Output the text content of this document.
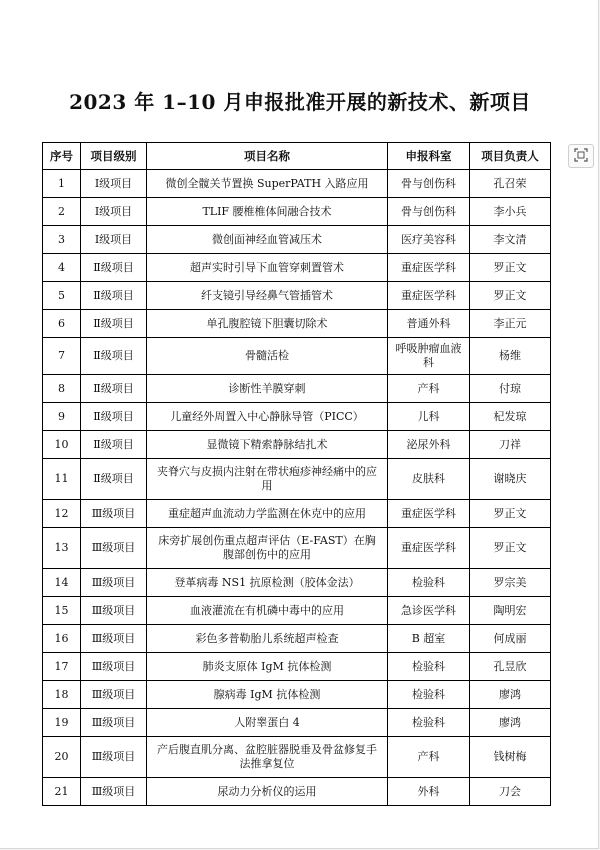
2023 年 1–10 月申报批准开展的新技术、新项目
序号	项目级别	项目名称	申报科室	项目负责人
1	Ⅰ级项目	微创全髋关节置换 SuperPATH 入路应用	骨与创伤科	孔召荣
2	Ⅰ级项目	TLIF 腰椎椎体间融合技术	骨与创伤科	李小兵
3	Ⅰ级项目	微创面神经血管减压术	医疗美容科	李文清
4	Ⅱ级项目	超声实时引导下血管穿刺置管术	重症医学科	罗正文
5	Ⅱ级项目	纤支镜引导经鼻气管插管术	重症医学科	罗正文
6	Ⅱ级项目	单孔腹腔镜下胆囊切除术	普通外科	李正元
7	Ⅱ级项目	骨髓活检	呼吸肿瘤血液科	杨维
8	Ⅱ级项目	诊断性羊膜穿刺	产科	付琼
9	Ⅱ级项目	儿童经外周置入中心静脉导管（PICC）	儿科	杞发琼
10	Ⅱ级项目	显微镜下精索静脉结扎术	泌尿外科	刀祥
11	Ⅱ级项目	夹脊穴与皮损内注射在带状疱疹神经痛中的应用	皮肤科	谢晓庆
12	Ⅲ级项目	重症超声血流动力学监测在休克中的应用	重症医学科	罗正文
13	Ⅲ级项目	床旁扩展创伤重点超声评估（E-FAST）在胸腹部创伤中的应用	重症医学科	罗正文
14	Ⅲ级项目	登革病毒 NS1 抗原检测（胶体金法）	检验科	罗宗美
15	Ⅲ级项目	血液灌流在有机磷中毒中的应用	急诊医学科	陶明宏
16	Ⅲ级项目	彩色多普勒胎儿系统超声检查	B 超室	何成丽
17	Ⅲ级项目	肺炎支原体 IgM 抗体检测	检验科	孔昱欣
18	Ⅲ级项目	腺病毒 IgM 抗体检测	检验科	廖鸿
19	Ⅲ级项目	人附睾蛋白 4	检验科	廖鸿
20	Ⅲ级项目	产后腹直肌分离、盆腔脏器脱垂及骨盆修复手法推拿复位	产科	钱树梅
21	Ⅲ级项目	尿动力分析仪的运用	外科	刀会
